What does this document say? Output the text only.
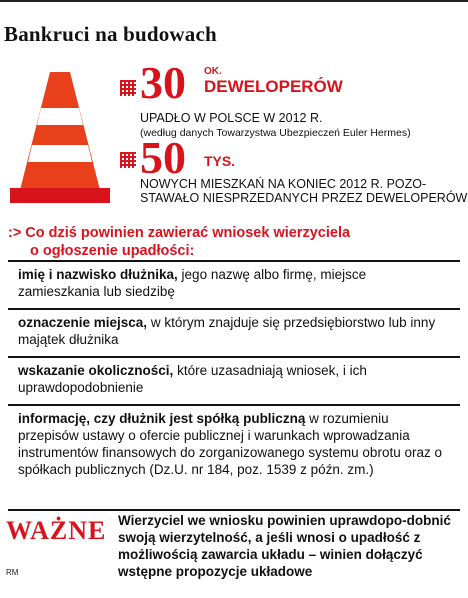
Bankruci na budowach
30 OK.
DEWELOPERÓW
UPADŁO W POLSCE W 2012 R.
(według danych Towarzystwa Ubezpieczeń Euler Hermes)
50 TYS.
NOWYCH MIESZKAŃ NA KONIEC 2012 R. POZO-
STAWAŁO NIESPRZEDANYCH PRZEZ DEWELOPERÓW
:> Co dziś powinien zawierać wniosek wierzyciela
o ogłoszenie upadłości:
imię i nazwisko dłużnika, jego nazwę albo firmę, miejsce zamieszkania lub siedzibę
oznaczenie miejsca, w którym znajduje się przedsiębiorstwo lub inny majątek dłużnika
wskazanie okoliczności, które uzasadniają wniosek, i ich uprawdopodobnienie
informację, czy dłużnik jest spółką publiczną w rozumieniu przepisów ustawy o ofercie publicznej i warunkach wprowadzania instrumentów finansowych do zorganizowanego systemu obrotu oraz o spółkach publicznych (Dz.U. nr 184, poz. 1539 z późn. zm.)
WAŻNE Wierzyciel we wniosku powinien uprawdopo-dobnić swoją wierzytelność, a jeśli wnosi o upadłość z możliwością zawarcia układu – winien dołączyć wstępne propozycje układowe
RM
